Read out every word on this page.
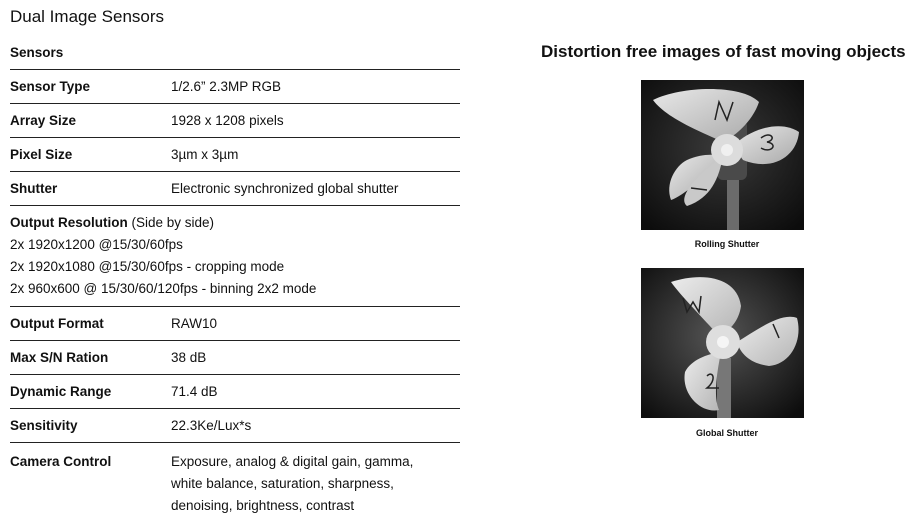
Dual Image Sensors
Sensors
Sensor Type	1/2.6” 2.3MP RGB
Array Size	1928 x 1208 pixels
Pixel Size	3µm x 3µm
Shutter	Electronic synchronized global shutter
Output Resolution (Side by side)
2x 1920x1200 @15/30/60fps
2x 1920x1080 @15/30/60fps - cropping mode
2x 960x600 @ 15/30/60/120fps - binning 2x2 mode
Output Format	RAW10
Max S/N Ration	38 dB
Dynamic Range	71.4 dB
Sensitivity	22.3Ke/Lux*s
Camera Control	Exposure, analog & digital gain, gamma,
white balance, saturation, sharpness,
denoising, brightness, contrast
Distortion free images of fast moving objects
Rolling Shutter
Global Shutter
